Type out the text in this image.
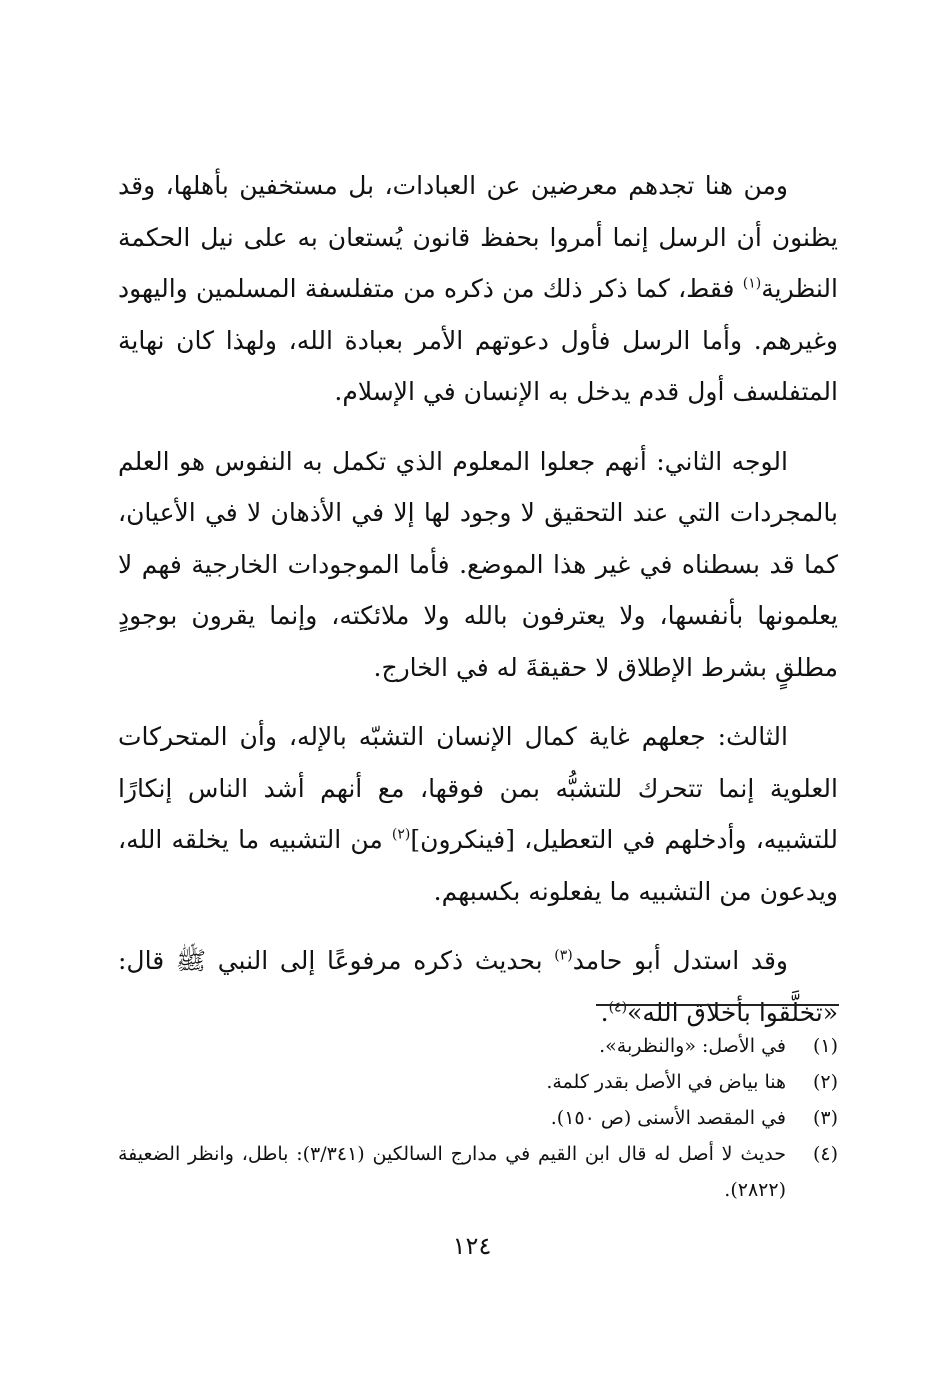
ومن هنا تجدهم معرضين عن العبادات، بل مستخفين بأهلها، وقد يظنون أن الرسل إنما أمروا بحفظ قانون يُستعان به على نيل الحكمة النظرية$^{(١)}$ فقط، كما ذكر ذلك من ذكره من متفلسفة المسلمين واليهود وغيرهم. وأما الرسل فأول دعوتهم الأمر بعبادة الله، ولهذا كان نهاية المتفلسف أول قدم يدخل به الإنسان في الإسلام.

الوجه الثاني: أنهم جعلوا المعلوم الذي تكمل به النفوس هو العلم بالمجردات التي عند التحقيق لا وجود لها إلا في الأذهان لا في الأعيان، كما قد بسطناه في غير هذا الموضع. فأما الموجودات الخارجية فهم لا يعلمونها بأنفسها، ولا يعترفون بالله ولا ملائكته، وإنما يقرون بوجودٍ مطلقٍ بشرط الإطلاق لا حقيقةَ له في الخارج.

الثالث: جعلهم غاية كمال الإنسان التشبّه بالإله، وأن المتحركات العلوية إنما تتحرك للتشبُّه بمن فوقها، مع أنهم أشد الناس إنكارًا للتشبيه، وأدخلهم في التعطيل، [فينكرون]$^{(٢)}$ من التشبيه ما يخلقه الله، ويدعون من التشبيه ما يفعلونه بكسبهم.

وقد استدل أبو حامد$^{(٣)}$ بحديث ذكره مرفوعًا إلى النبي ﷺ قال: «تخلَّقوا بأخلاق الله»$^{(٤)}$.

(١)
في الأصل: «والنظربة».
(٢)
هنا بياض في الأصل بقدر كلمة.
(٣)
في المقصد الأسنى (ص ١٥٠).
(٤)
حديث لا أصل له قال ابن القيم في مدارج السالكين (٣/٣٤١): باطل، وانظر الضعيفة (٢٨٢٢).
١٢٤
